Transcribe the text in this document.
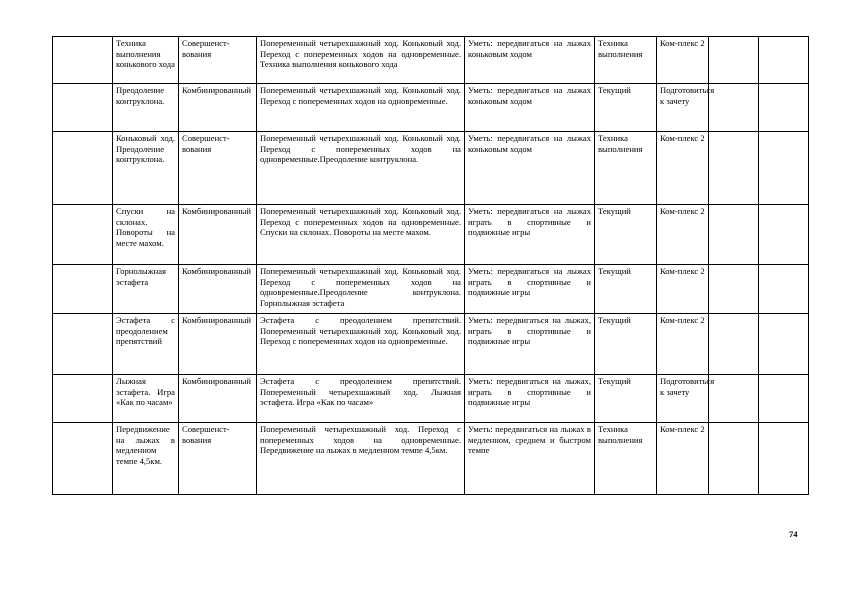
	Техника выполнения коньковoго хода	Совершенст-вования	Попеременный четырехшажный ход. Коньковый ход. Переход с попеременных ходов на одновременные. Техника выполнения конькового хода	Уметь: передвигаться на лыжах коньковым ходом	Техника выполнения	Ком-плекс 2		
	Преодоление контруклона.	Комбинированный	Попеременный четырехшажный ход. Коньковый ход. Переход с попеременных ходов на одновременные.	Уметь: передвигаться на лыжах коньковым ходом	Текущий	Подготовиться к зачету		
	Коньковый ход. Преодоление контруклона.	Совершенст-вования	Попеременный четырехшажный ход. Коньковый ход. Переход с попеременных ходов на одновременные.Преодоление контруклона.	Уметь: передвигаться на лыжах коньковым ходом	Техника выполнения	Ком-плекс 2		
	Спуски на склонах. Повороты на месте махом.	Комбинированный	Попеременный четырехшажный ход. Коньковый ход. Переход с попеременных ходов на одновременные. Спуски на склонах. Повороты на месте махом.	Уметь: передвигаться на лыжах играть в спортивные и подвижные игры	Текущий	Ком-плекс 2		
	Горнолыжная эстафета	Комбинированный	Попеременный четырехшажный ход. Коньковый ход. Переход с попеременных ходов на одновременные.Преодоление контруклона. Горнолыжная эстафета	Уметь: передвигаться на лыжах играть в спортивные и подвижные игры	Текущий	Ком-плекс 2		
	Эстафета с преодолением препятствий	Комбинированный	Эстафета с преодолением препятствий. Попеременный четырехшажный ход. Коньковый ход. Переход с попеременных ходов на одновременные.	Уметь: передвигаться на лыжах, играть в спортивные и подвижные игры	Текущий	Ком-плекс 2		
	Лыжная эстафета. Игра «Как по часам»	Комбинированный	Эстафета с преодолением препятствий. Попеременный четырехшажный ход. Лыжная эстафета. Игра «Как по часам»	Уметь: передвигаться на лыжах, играть в спортивные и подвижные игры	Текущий	Подготовиться к зачету		
	Передвижение на лыжах в медленном темпе 4,5км.	Совершенст-вования	Попеременный четырехшажный ход. Переход с попеременных ходов на одновременные. Передвижение на лыжах в медленном темпе 4,5км.	Уметь: передвигаться на лыжах в медленном, среднем и быстром темпе	Техника выполнения	Ком-плекс 2		
74
